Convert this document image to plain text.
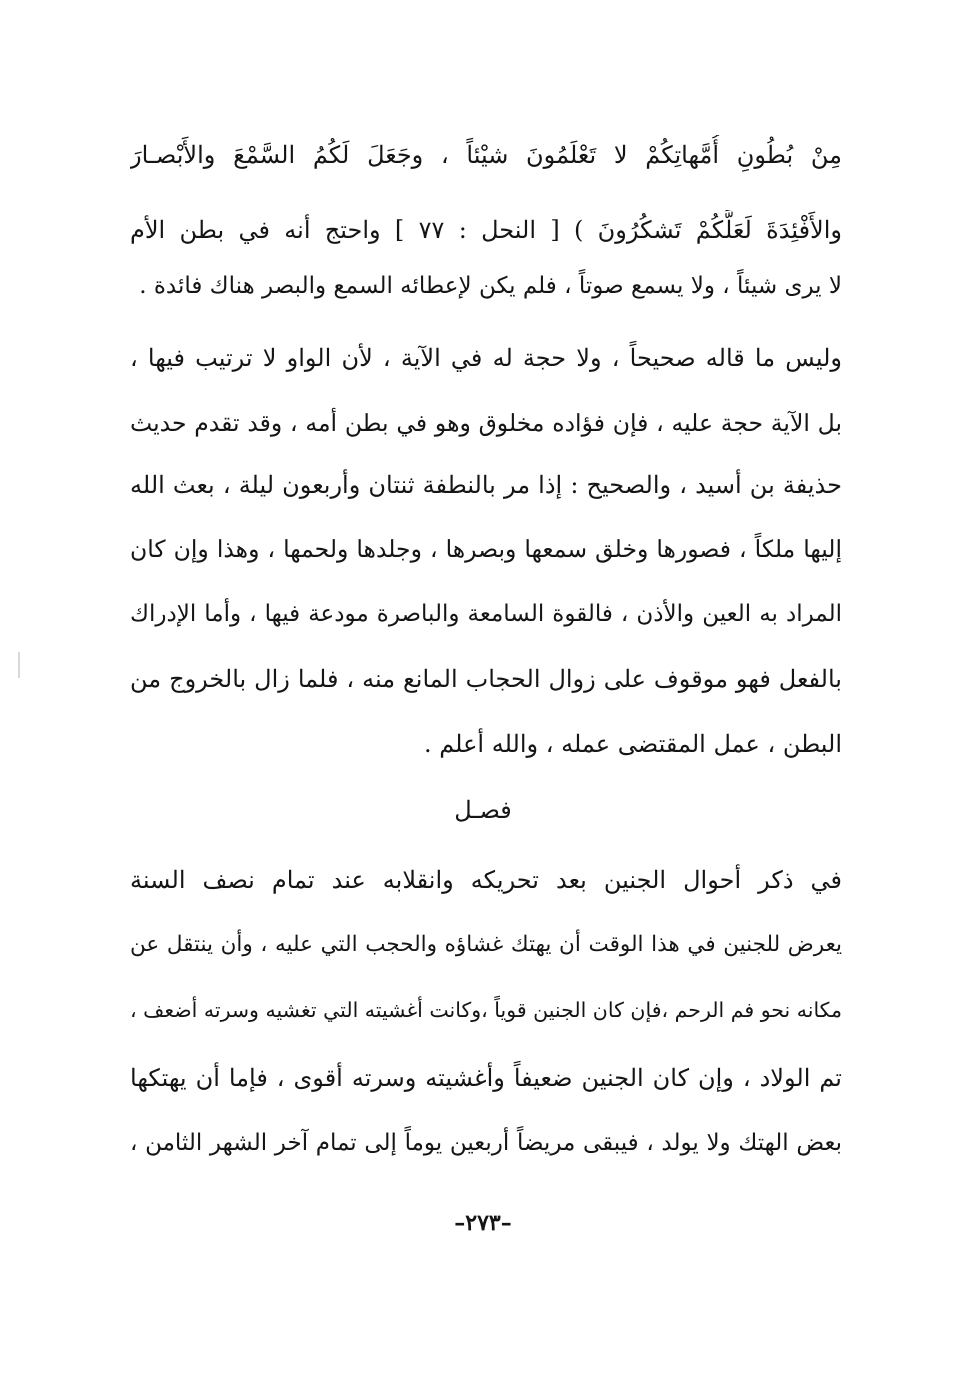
مِنْ بُطُونِ أُمَّهاتِكُمْ لا تَعْلَمُونَ شيْئاً ، وجَعَلَ لَكُمُ السَّمْعَ والأَبْصـارَ
والأَفْئِدَةَ لَعَلَّكُمْ تَشكُرُونَ ) [ النحل : ٧٧ ] واحتج أنه في بطن الأم
لا يرى شيئاً ، ولا يسمع صوتاً ، فلم يكن لإعطائه السمع والبصر هناك فائدة .
وليس ما قاله صحيحاً ، ولا حجة له في الآية ، لأن الواو لا ترتيب فيها ،
بل الآية حجة عليه ، فإن فؤاده مخلوق وهو في بطن أمه ، وقد تقدم حديث
حذيفة بن أسيد ، والصحيح : إذا مر بالنطفة ثنتان وأربعون ليلة ، بعث الله
إليها ملكاً ، فصورها وخلق سمعها وبصرها ، وجلدها ولحمها ، وهذا وإن كان
المراد به العين والأذن ، فالقوة السامعة والباصرة مودعة فيها ، وأما الإدراك
بالفعل فهو موقوف على زوال الحجاب المانع منه ، فلما زال بالخروج من
البطن ، عمل المقتضى عمله ، والله أعلم .
فصـل
في ذكر أحوال الجنين بعد تحريكه وانقلابه عند تمام نصف السنة
يعرض للجنين في هذا الوقت أن يهتك غشاؤه والحجب التي عليه ، وأن ينتقل عن
مكانه نحو فم الرحم ،فإن كان الجنين قوياً ،وكانت أغشيته التي تغشيه وسرته أضعف ،
تم الولاد ، وإن كان الجنين ضعيفاً وأغشيته وسرته أقوى ، فإما أن يهتكها
بعض الهتك ولا يولد ، فيبقى مريضاً أربعين يوماً إلى تمام آخر الشهر الثامن ،
–٢٧٣–
